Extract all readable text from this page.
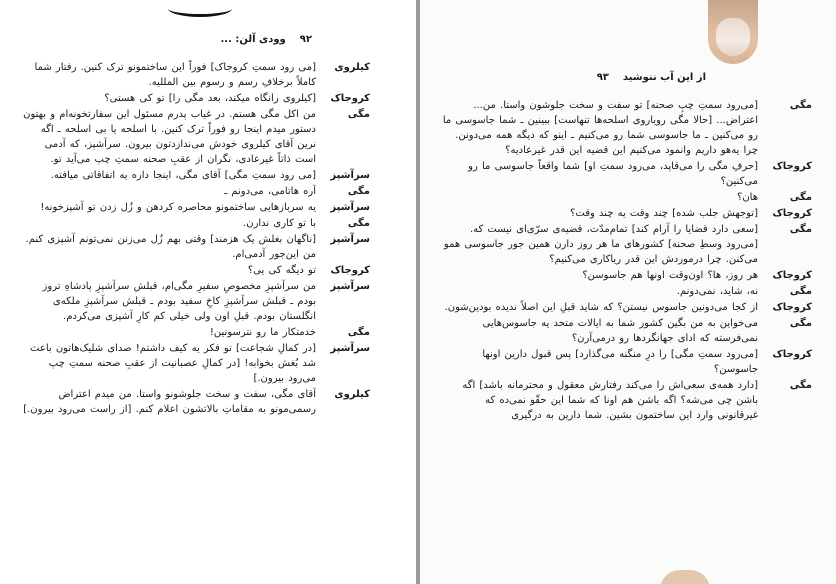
۹۲
وودی آلن: ...
کیلروی
[می رود سمتِ کروجاک] فوراً این ساختمونو ترک کنین. رفتار شما کاملاً برخلافِ رسم و رسوم بین المللیه.
کروجاک
[کیلروی رانگاه میکند، بعد مگی را] تو کی هستی؟
مگی
من اکل مگی هستم. در غیاب پدرم مسئول این سفارتخونه‌ام و بهتون دستور میدم اینجا رو فوراً ترک کنین. با اسلحه یا بی اسلحه ـ اگه نرین آقای کیلروی خودش می‌ندازدتون بیرون. سرآشپز، که آدمی است ذاتاً غیرعادی، نگران از عقبِ صحنه سمتِ چپ می‌آید تو.
سرآشپز
[می رود سمتِ مگی] آقای مگی، اینجا داره یه اتفاقاتی میافته.
مگی
آره هاتامی، می‌دونم ـ
سرآشپز
یه سربازهایی ساختمونو محاصره کردهن و زُل زدن تو آشپزخونه!
مگی
با تو کاری ندارن.
سرآشپز
[ناگهان بغلش یک هزمند] وقتی بهم زُل می‌زنن نمی‌تونم آشپزی کنم. من این‌جور آدمی‌ام.
کروجاک
تو دیگه کی یی؟
سرآشپز
من سرآشپزِ مخصوصِ سفیرِ مگی‌ام، قبلش سرآشپزِ پادشاهِ تروز بودم ـ قبلش سرآشپزِ کاخِ سفید بودم ـ قبلش سرآشپزِ ملکه‌ی انگلستان بودم. قبلِ اون ولی خیلی کم کارِ آشپزی می‌کردم.
مگی
خدمتکار ما رو نترسونین!
سرآشپز
[در کمالِ شجاعت] تو فکر یه کیف داشتم! صدای شلیک‌هاتون باعث شد بُغش بخوابه! [در کمالِ عصبانیت از عقبِ صحنه سمتِ چپ می‌رود بیرون.]
کیلروی
آقای مگی، سفت و سخت جلوشونو واستا. من میدم اعتراض رسمی‌مونو به مقاماتِ بالاتشون اعلام کنم. [از راست می‌رود بیرون.]
از این آب ننوشید
۹۳
مگی
[می‌رود سمتِ چپِ صحنه] تو سفت و سخت جلوشون واستا. من... اعتراض... [حالا مگی رویاروی اسلحه‌ها تنهاست] ببینین ـ شما جاسوسی ما رو می‌کنین ـ ما جاسوسی شما رو می‌کنیم ـ اینو که دیگه همه می‌دونن. چرا یه‌هو داریم وانمود می‌کنیم این قضیه این قدر غیرعادیه؟
کروجاک
[حرفِ مگی را می‌قاپد، می‌رود سمتِ او] شما واقعاً جاسوسی ما رو می‌کنین؟
مگی
هان؟
کروجاک
[توجهش جلب شده] چند وقت یه چند وقت؟
مگی
[سعی دارد قضایا را آرام کند] تمام‌مدّت، قضیه‌ی سرّی‌ای نیست که. [می‌رود وسطِ صحنه] کشورهای ما هر روز دارن همین جور جاسوسی همو می‌کنن. چرا درموردش این قدر ریاکاری می‌کنیم؟
کروجاک
هر روز، ها؟ اون‌وقت اونها هم جاسوسن؟
مگی
نه، شاید، نمی‌دونم.
کروجاک
از کجا می‌دونین جاسوس نیستن؟ که شاید قبلِ این اصلاً ندیده بودین‌شون.
مگی
می‌خواین به من بگین کشور شما به ایالات متحد یه جاسوس‌هایی نمی‌فرسته که ادای جهانگردها رو درمی‌آرن؟
کروجاک
[می‌رود سمتِ مگی] را درِ منگنه می‌گذارد] پس قبول دارین اونها جاسوسن؟
مگی
[دارد همه‌ی سعی‌اش را می‌کند رفتارش معقول و محترمانه باشد] اگه باشن چی می‌شه؟ اگه باشن هم اونا که شما این حقّو نمی‌ده که غیرقانونی وارد این ساختمون بشین. شما دارین به درگیری
